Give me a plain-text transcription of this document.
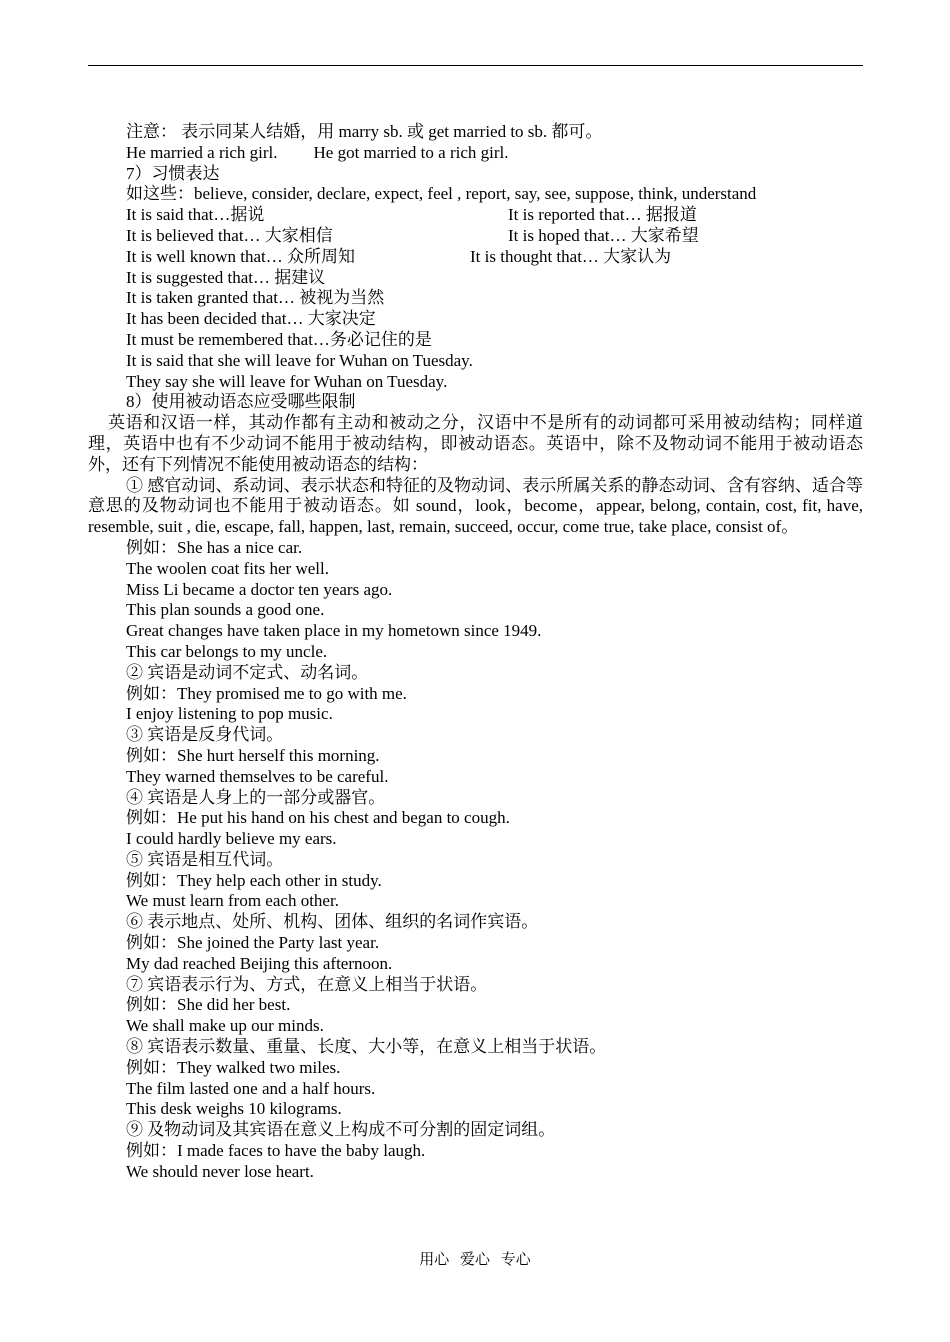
注意： 表示同某人结婚，用 marry sb. 或 get married to sb. 都可。
He married a rich girl. He got married to a rich girl.
7）习惯表达
如这些：believe, consider, declare, expect, feel , report, say, see, suppose, think, understand
It is said that…据说	It is reported that… 据报道
It is believed that… 大家相信	It is hoped that… 大家希望
It is well known that… 众所周知	It is thought that… 大家认为
It is suggested that… 据建议
It is taken granted that… 被视为当然
It has been decided that… 大家决定
It must be remembered that…务必记住的是
It is said that she will leave for Wuhan on Tuesday.
They say she will leave for Wuhan on Tuesday.
8）使用被动语态应受哪些限制
英语和汉语一样，其动作都有主动和被动之分，汉语中不是所有的动词都可采用被动结构；同样道理，英语中也有不少动词不能用于被动结构，即被动语态。英语中，除不及物动词不能用于被动语态外，还有下列情况不能使用被动语态的结构：
① 感官动词、系动词、表示状态和特征的及物动词、表示所属关系的静态动词、含有容纳、适合等意思的及物动词也不能用于被动语态。如 sound，look，become，appear, belong, contain, cost, fit, have, resemble, suit , die, escape, fall, happen, last, remain, succeed, occur, come true, take place, consist of。
例如：She has a nice car.
The woolen coat fits her well.
Miss Li became a doctor ten years ago.
This plan sounds a good one.
Great changes have taken place in my hometown since 1949.
This car belongs to my uncle.
② 宾语是动词不定式、动名词。
例如：They promised me to go with me.
I enjoy listening to pop music.
③ 宾语是反身代词。
例如：She hurt herself this morning.
They warned themselves to be careful.
④ 宾语是人身上的一部分或器官。
例如：He put his hand on his chest and began to cough.
I could hardly believe my ears.
⑤ 宾语是相互代词。
例如：They help each other in study.
We must learn from each other.
⑥ 表示地点、处所、机构、团体、组织的名词作宾语。
例如：She joined the Party last year.
My dad reached Beijing this afternoon.
⑦ 宾语表示行为、方式，在意义上相当于状语。
例如：She did her best.
We shall make up our minds.
⑧ 宾语表示数量、重量、长度、大小等，在意义上相当于状语。
例如：They walked two miles.
The film lasted one and a half hours.
This desk weighs 10 kilograms.
⑨ 及物动词及其宾语在意义上构成不可分割的固定词组。
例如：I made faces to have the baby laugh.
We should never lose heart.
用心 爱心 专心
